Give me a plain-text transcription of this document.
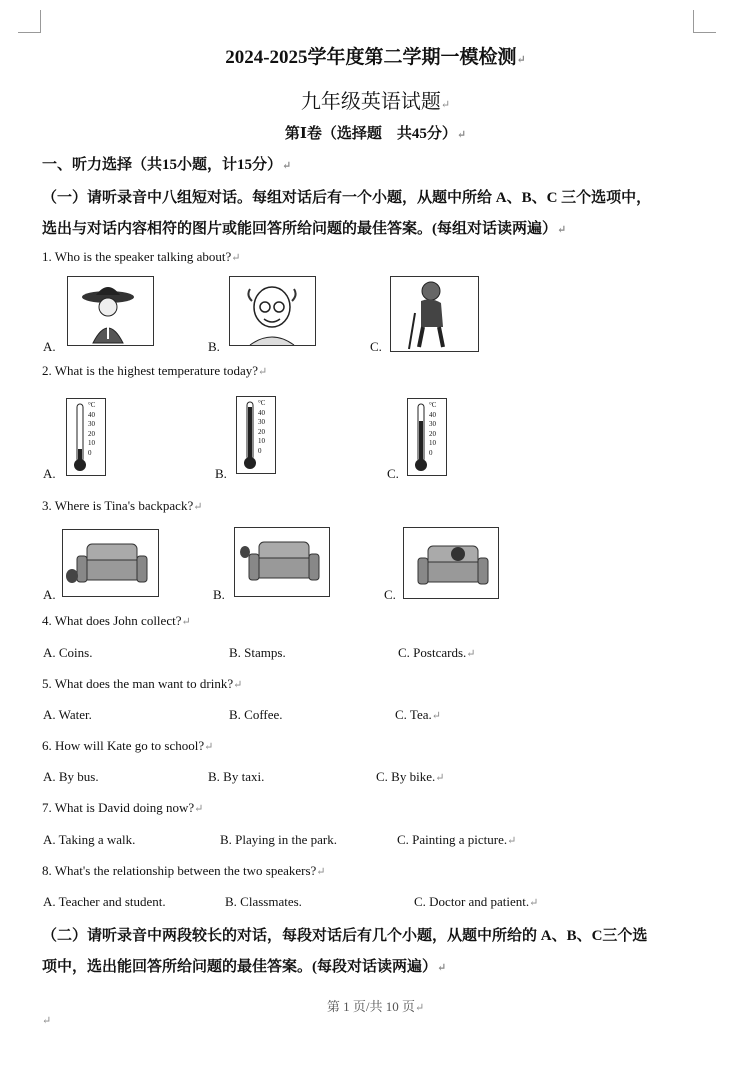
2024-2025学年度第二学期一模检测↵
九年级英语试题↵
第Ⅰ卷（选择题　共45分）↵
一、听力选择（共15小题，计15分）↵
（一）请听录音中八组短对话。每组对话后有一个小题，从题中所给 A、B、C 三个选项中，
选出与对话内容相符的图片或能回答所给问题的最佳答案。(每组对话读两遍）↵
1. Who is the speaker talking about?↵
A.	B.	C.
2. What is the highest temperature today?↵
A.
°C
40
30
20
10
0
B.
°C
40
30
20
10
0
C.
°C
40
30
20
10
0
3. Where is Tina's backpack?↵
A.	B.	C.
4. What does John collect?↵
A. Coins.	B. Stamps.	C. Postcards.↵
5. What does the man want to drink?↵
A. Water.	B. Coffee.	C. Tea.↵
6. How will Kate go to school?↵
A. By bus.	B. By taxi.	C. By bike.↵
7. What is David doing now?↵
A. Taking a walk.	B. Playing in the park.	C. Painting a picture.↵
8. What's the relationship between the two speakers?↵
A. Teacher and student.	B. Classmates.	C. Doctor and patient.↵
（二）请听录音中两段较长的对话，每段对话后有几个小题，从题中所给的 A、B、C三个选
项中，选出能回答所给问题的最佳答案。(每段对话读两遍）↵
第 1 页/共 10 页↵
↵
